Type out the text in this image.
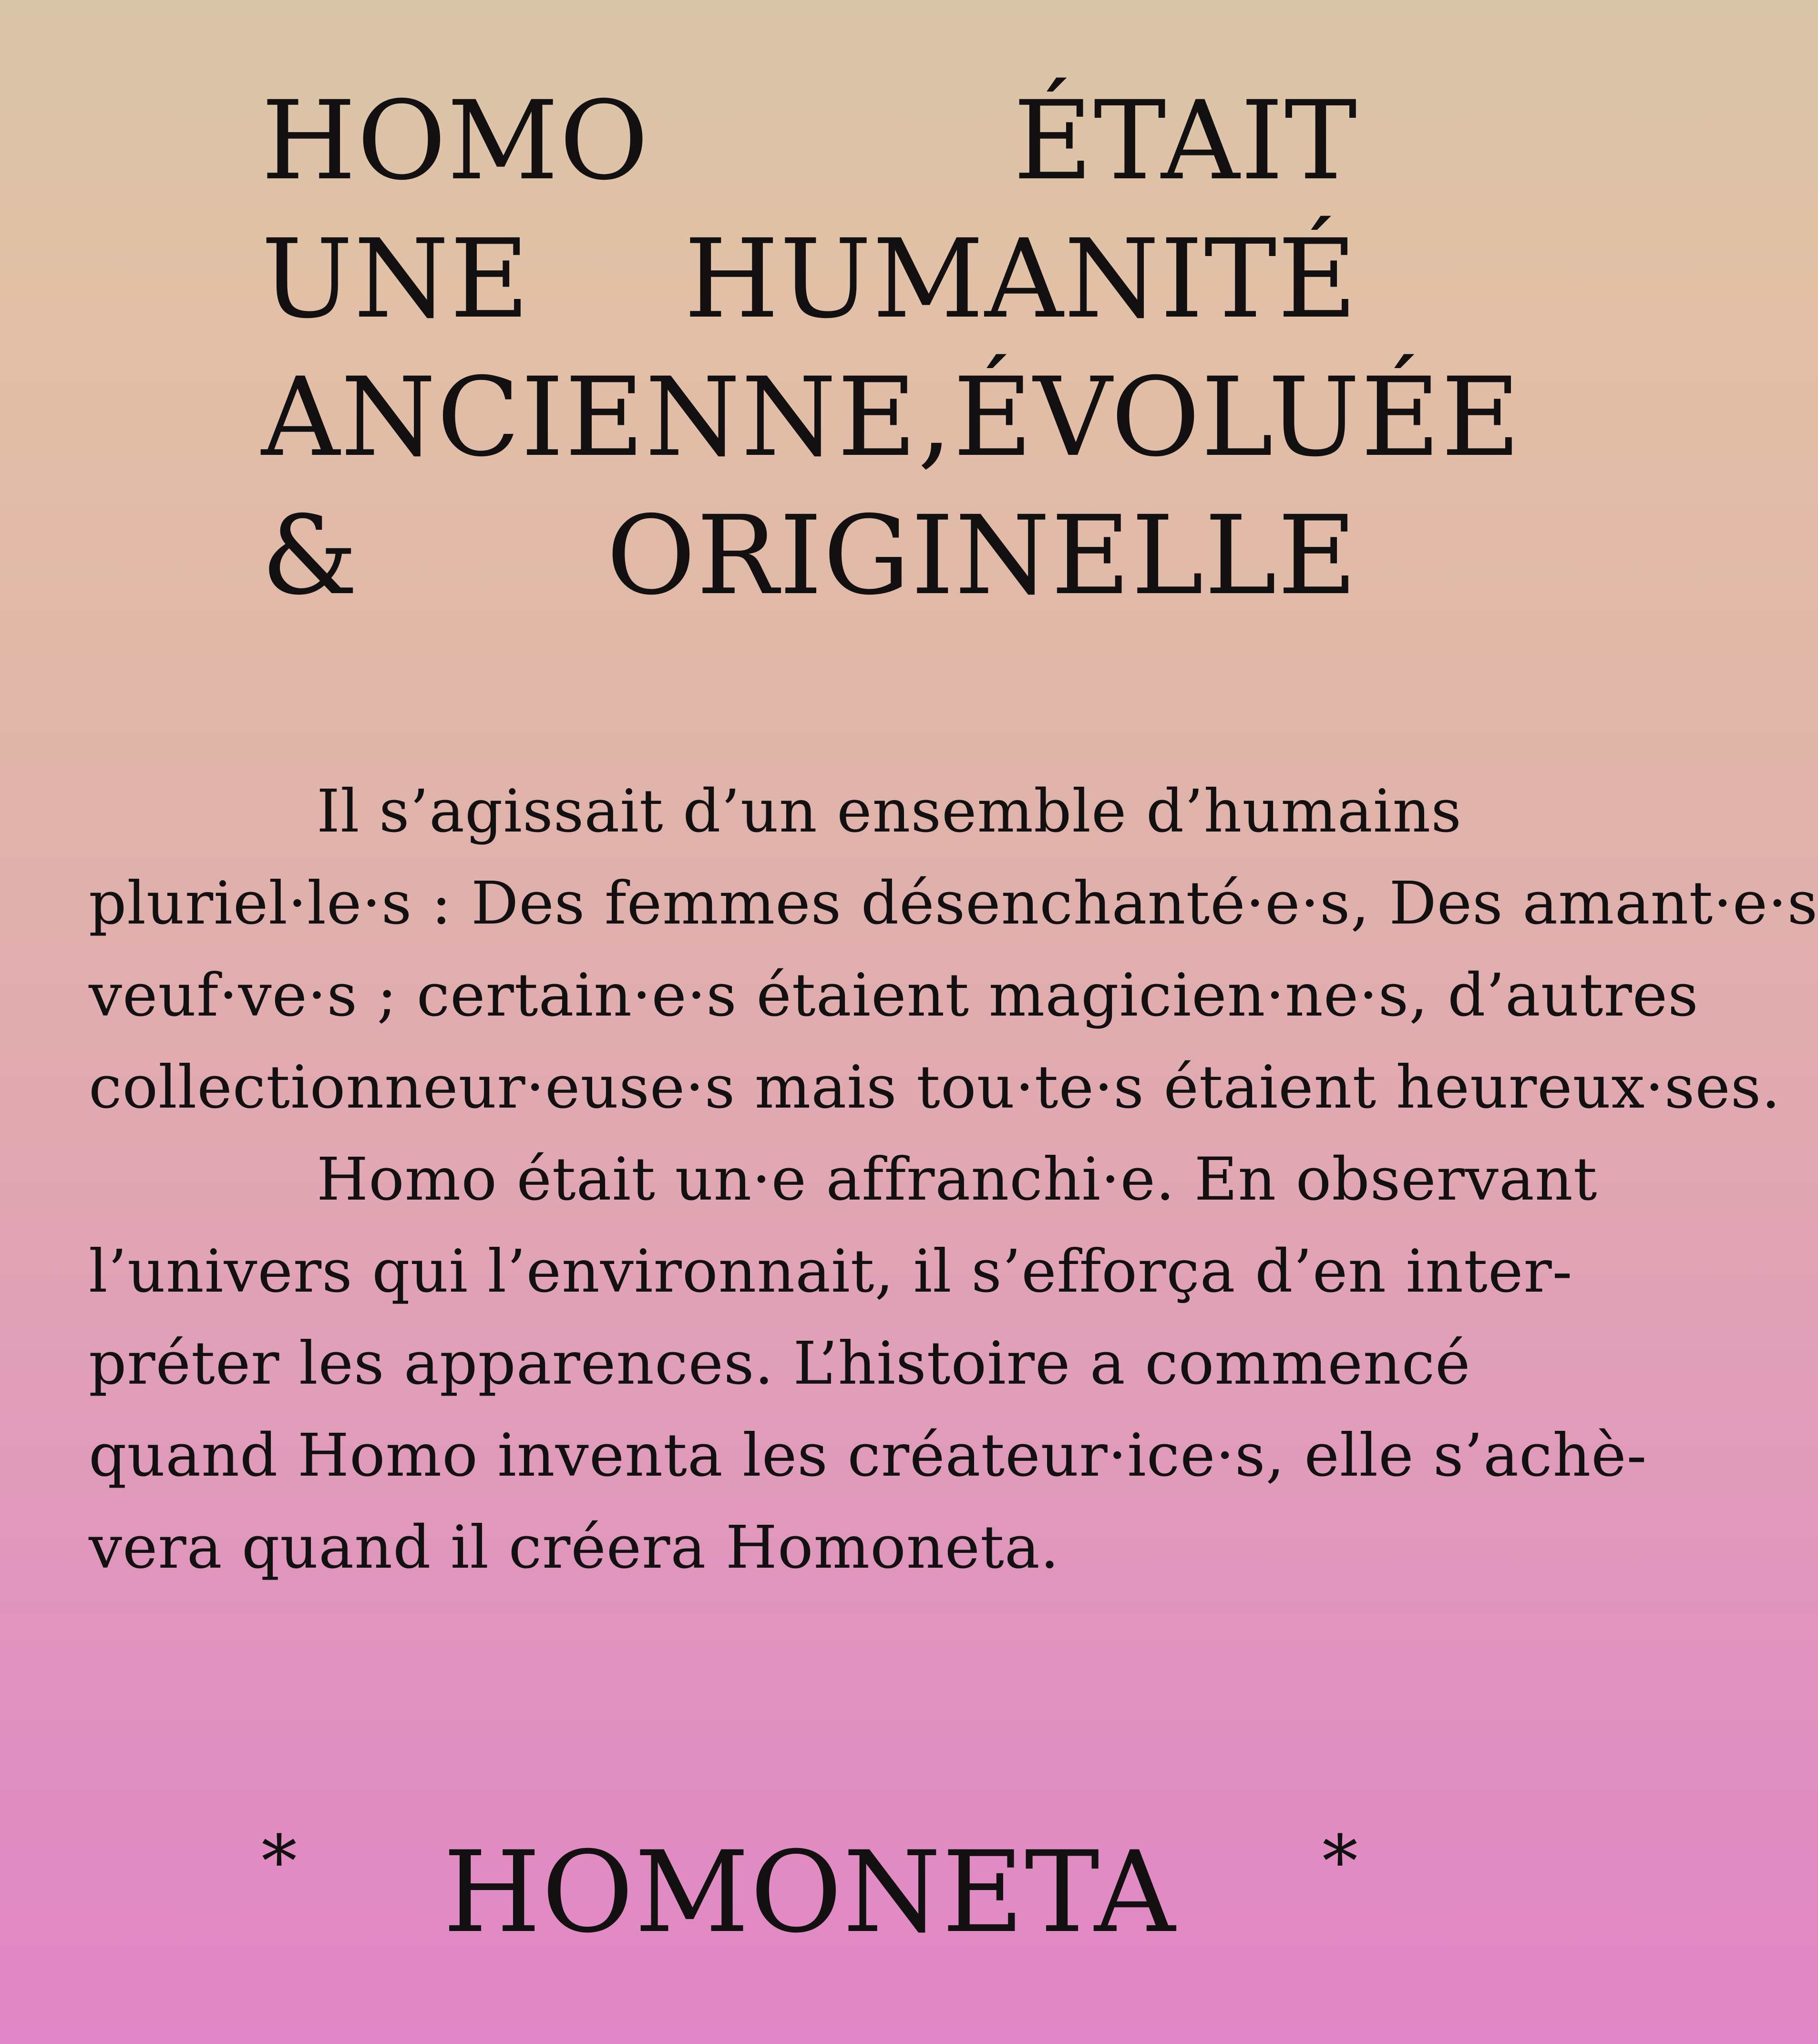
HOMO	ÉTAIT
UNE HUMANITÉ
ANCIENNE, ÉVOLUÉE
& ORIGINELLE

Il s’agissait d’un ensemble d’humains
pluriel·le·s : Des femmes désenchanté·e·s, Des amant·e·s
veuf·ve·s ; certain·e·s étaient magicien·ne·s, d’autres
collectionneur·euse·s mais tou·te·s étaient heureux·ses.

Homo était un·e affranchi·e. En observant
l’univers qui l’environnait, il s’efforça d’en inter-
préter les apparences. L’histoire a commencé
quand Homo inventa les créateur·ice·s, elle s’achè-
vera quand il créera Homoneta.

* HOMONETA *
